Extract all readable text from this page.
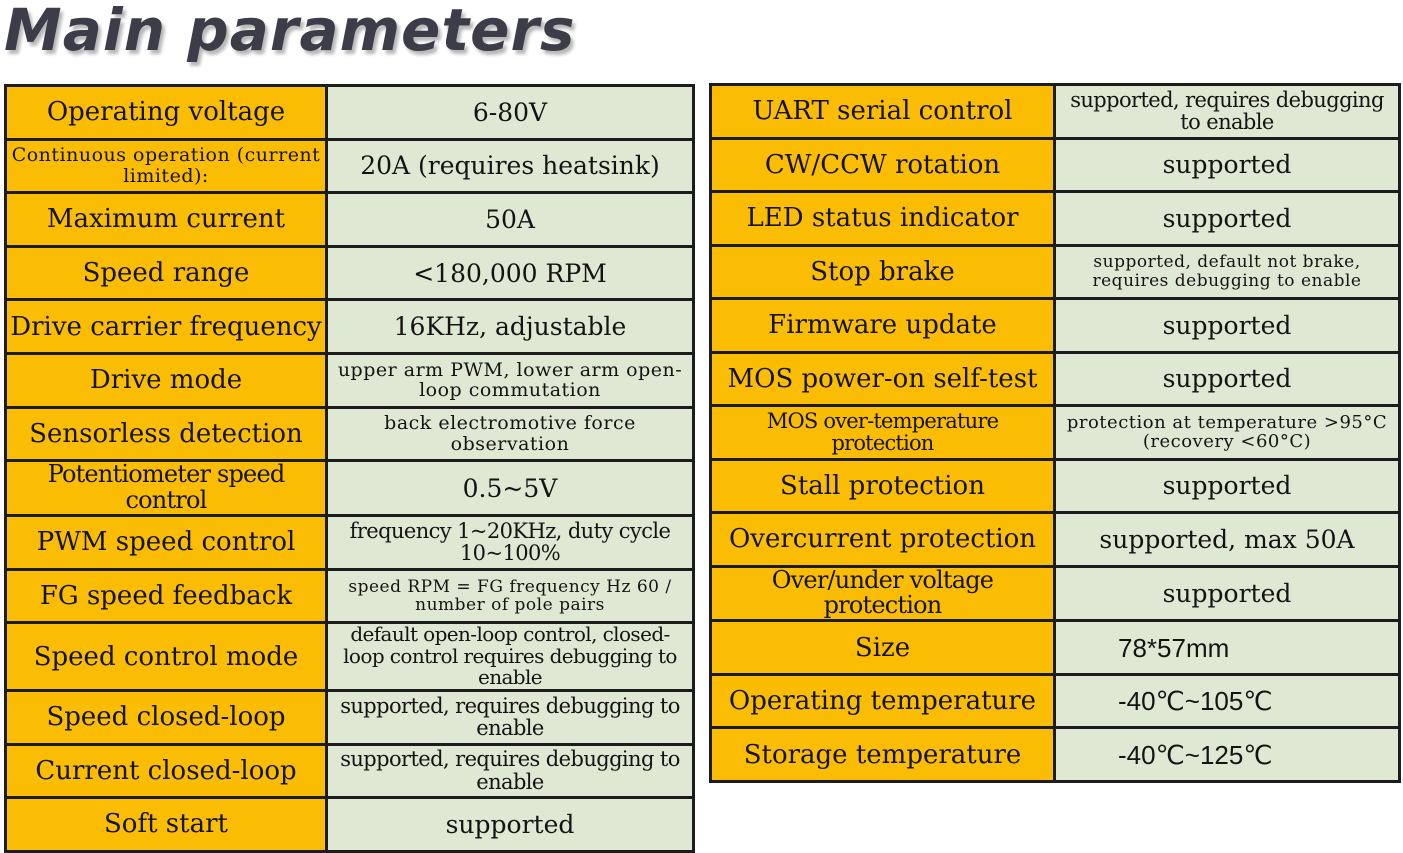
Main parameters
Operating voltage	6-80V
Continuous operation (current limited):	20A (requires heatsink)
Maximum current	50A
Speed range	<180,000 RPM
Drive carrier frequency	16KHz, adjustable
Drive mode	upper arm PWM, lower arm open-loop commutation
Sensorless detection	back electromotive force observation
Potentiometer speed control	0.5~5V
PWM speed control	frequency 1~20KHz, duty cycle 10~100%
FG speed feedback	speed RPM = FG frequency Hz 60 / number of pole pairs
Speed control mode	default open-loop control, closed-loop control requires debugging to enable
Speed closed-loop	supported, requires debugging to enable
Current closed-loop	supported, requires debugging to enable
Soft start	supported
UART serial control	supported, requires debugging to enable
CW/CCW rotation	supported
LED status indicator	supported
Stop brake	supported, default not brake, requires debugging to enable
Firmware update	supported
MOS power-on self-test	supported
MOS over-temperature protection	protection at temperature >95°C (recovery <60°C)
Stall protection	supported
Overcurrent protection	supported, max 50A
Over/under voltage protection	supported
Size	78*57mm
Operating temperature	-40℃~105℃
Storage temperature	-40℃~125℃
